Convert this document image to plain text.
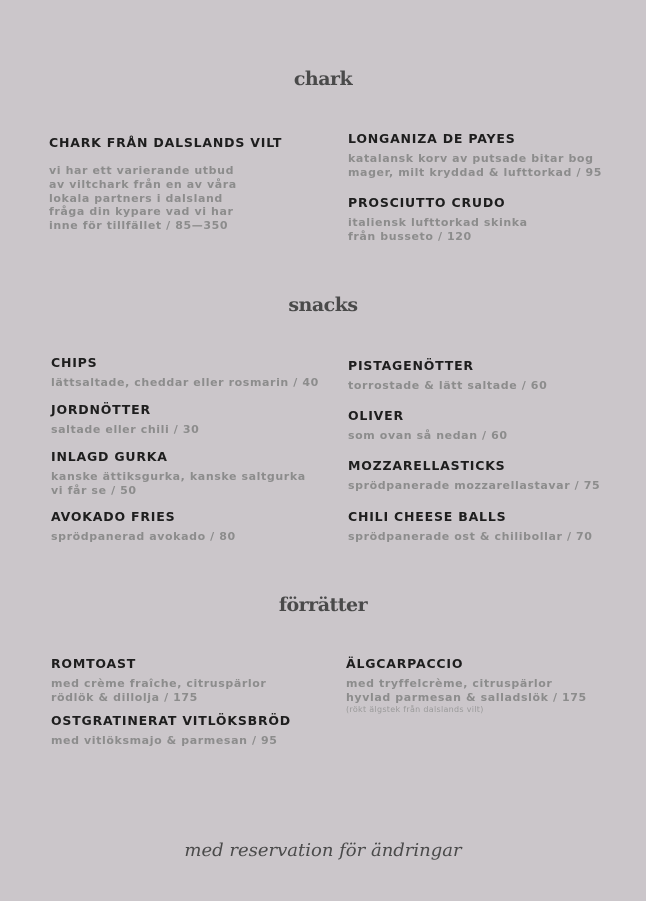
chark

CHARK FRÅN DALSLANDS VILT

vi har ett varierande utbud
av viltchark från en av våra
lokala partners i dalsland
fråga din kypare vad vi har
inne för tillfället / 85—350

LONGANIZA DE PAYES

katalansk korv av putsade bitar bog
mager, milt kryddad & lufttorkad / 95

PROSCIUTTO CRUDO

italiensk lufttorkad skinka
från busseto / 120

snacks

CHIPS

lättsaltade, cheddar eller rosmarin / 40

JORDNÖTTER

saltade eller chili / 30

INLAGD GURKA

kanske ättiksgurka, kanske saltgurka
vi får se / 50

AVOKADO FRIES

sprödpanerad avokado / 80

PISTAGENÖTTER

torrostade & lätt saltade / 60

OLIVER

som ovan så nedan / 60

MOZZARELLASTICKS

sprödpanerade mozzarellastavar / 75

CHILI CHEESE BALLS

sprödpanerade ost & chilibollar / 70

förrätter

ROMTOAST

med crème fraîche, citruspärlor
rödlök & dillolja / 175

OSTGRATINERAT VITLÖKSBRÖD

med vitlöksmajo & parmesan / 95

ÄLGCARPACCIO

med tryffelcrème, citruspärlor
hyvlad parmesan & salladslök / 175

(rökt älgstek från dalslands vilt)

med reservation för ändringar
